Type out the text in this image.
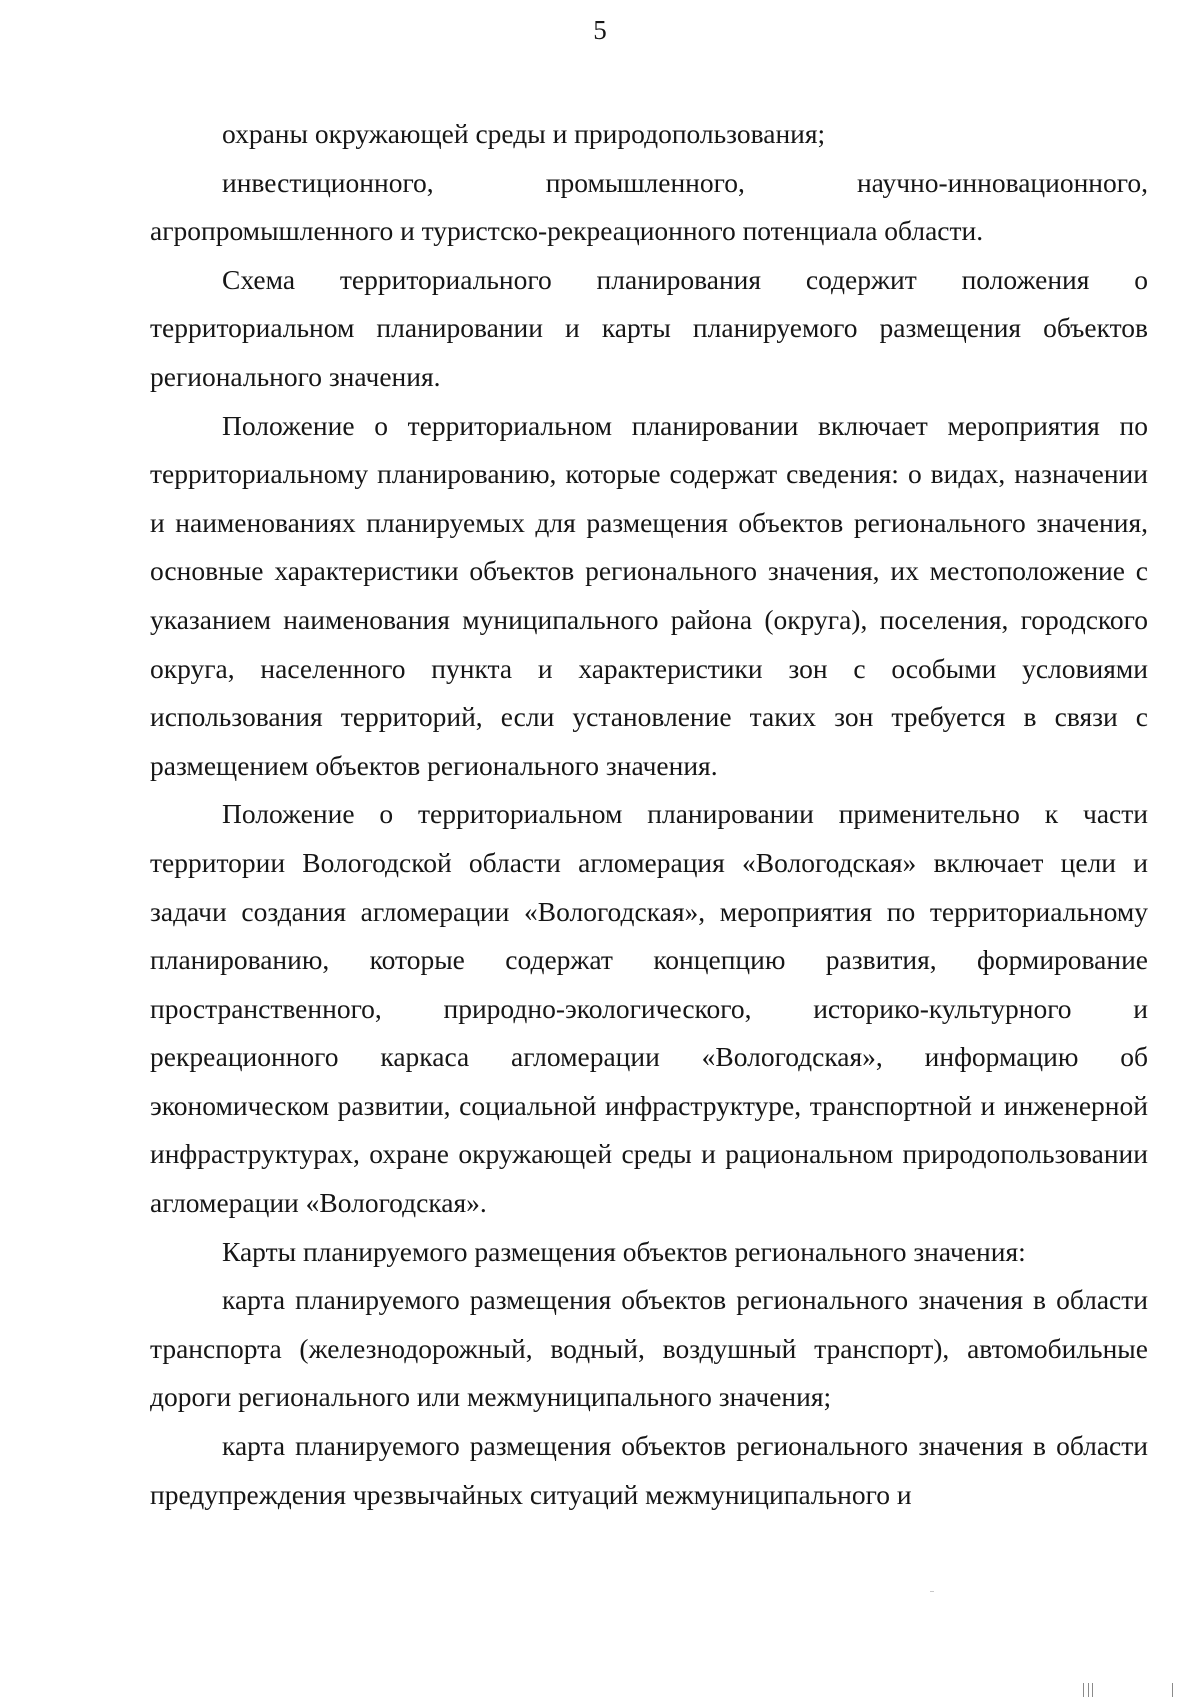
5

охраны окружающей среды и природопользования;

инвестиционного, промышленного, научно-инновационного, агропромышленного и туристско-рекреационного потенциала области.

Схема территориального планирования содержит положения о территориальном планировании и карты планируемого размещения объектов регионального значения.

Положение о территориальном планировании включает мероприятия по территориальному планированию, которые содержат сведения: о видах, назначении и наименованиях планируемых для размещения объектов регионального значения, основные характеристики объектов регионального значения, их местоположение с указанием наименования муниципального района (округа), поселения, городского округа, населенного пункта и характеристики зон с особыми условиями использования территорий, если установление таких зон требуется в связи с размещением объектов регионального значения.

Положение о территориальном планировании применительно к части территории Вологодской области агломерация «Вологодская» включает цели и задачи создания агломерации «Вологодская», мероприятия по территориальному планированию, которые содержат концепцию развития, формирование пространственного, природно-экологического, историко-культурного и рекреационного каркаса агломерации «Вологодская», информацию об экономическом развитии, социальной инфраструктуре, транспортной и инженерной инфраструктурах, охране окружающей среды и рациональном природопользовании агломерации «Вологодская».

Карты планируемого размещения объектов регионального значения:

карта планируемого размещения объектов регионального значения в области транспорта (железнодорожный, водный, воздушный транспорт), автомобильные дороги регионального или межмуниципального значения;

карта планируемого размещения объектов регионального значения в области предупреждения чрезвычайных ситуаций межмуниципального и
